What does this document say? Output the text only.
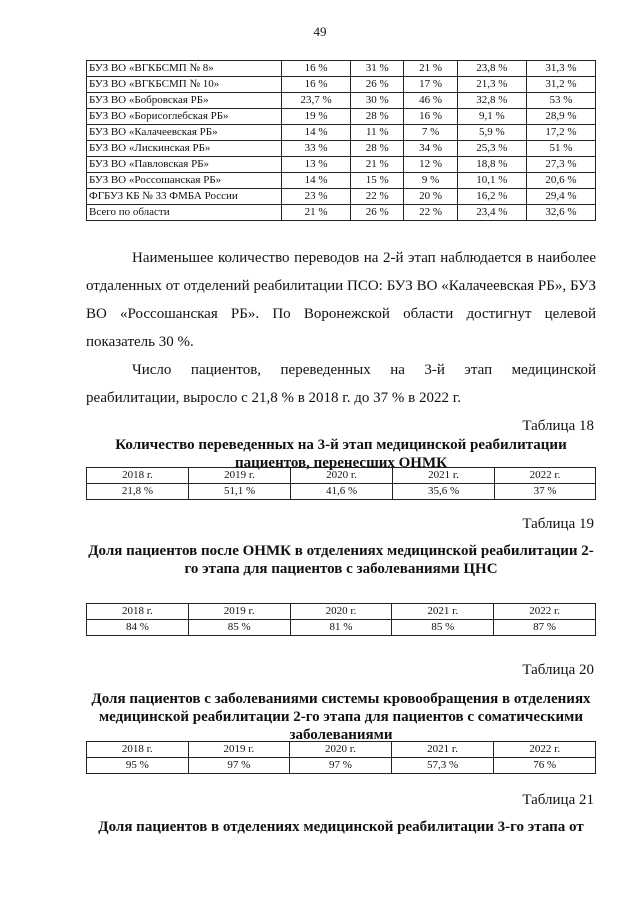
49
БУЗ ВО «ВГКБСМП № 8»	16 %	31 %	21 %	23,8 %	31,3 %
БУЗ ВО «ВГКБСМП № 10»	16 %	26 %	17 %	21,3 %	31,2 %
БУЗ ВО «Бобровская РБ»	23,7 %	30 %	46 %	32,8 %	53 %
БУЗ ВО «Борисоглебская РБ»	19 %	28 %	16 %	9,1 %	28,9 %
БУЗ ВО «Калачеевская РБ»	14 %	11 %	7 %	5,9 %	17,2 %
БУЗ ВО «Лискинская РБ»	33 %	28 %	34 %	25,3 %	51 %
БУЗ ВО «Павловская РБ»	13 %	21 %	12 %	18,8 %	27,3 %
БУЗ ВО «Россошанская РБ»	14 %	15 %	9 %	10,1 %	20,6 %
ФГБУЗ КБ № 33 ФМБА России	23 %	22 %	20 %	16,2 %	29,4 %
Всего по области	21 %	26 %	22 %	23,4 %	32,6 %
Наименьшее количество переводов на 2-й этап наблюдается в наиболее отдаленных от отделений реабилитации ПСО: БУЗ ВО «Калачеевская РБ», БУЗ ВО «Россошанская РБ». По Воронежской области достигнут целевой показатель 30 %.
Число пациентов, переведенных на 3-й этап медицинской реабилитации, выросло с 21,8 % в 2018 г. до 37 % в 2022 г.
Таблица 18
Количество переведенных на 3-й этап медицинской реабилитации пациентов, перенесших ОНМК
2018 г.	2019 г.	2020 г.	2021 г.	2022 г.
21,8 %	51,1 %	41,6 %	35,6 %	37 %
Таблица 19
Доля пациентов после ОНМК в отделениях медицинской реабилитации 2-го этапа для пациентов с заболеваниями ЦНС
2018 г.	2019 г.	2020 г.	2021 г.	2022 г.
84 %	85 %	81 %	85 %	87 %
Таблица 20
Доля пациентов с заболеваниями системы кровообращения в отделениях медицинской реабилитации 2-го этапа для пациентов с соматическими заболеваниями
2018 г.	2019 г.	2020 г.	2021 г.	2022 г.
95 %	97 %	97 %	57,3 %	76 %
Таблица 21
Доля пациентов в отделениях медицинской реабилитации 3-го этапа от
